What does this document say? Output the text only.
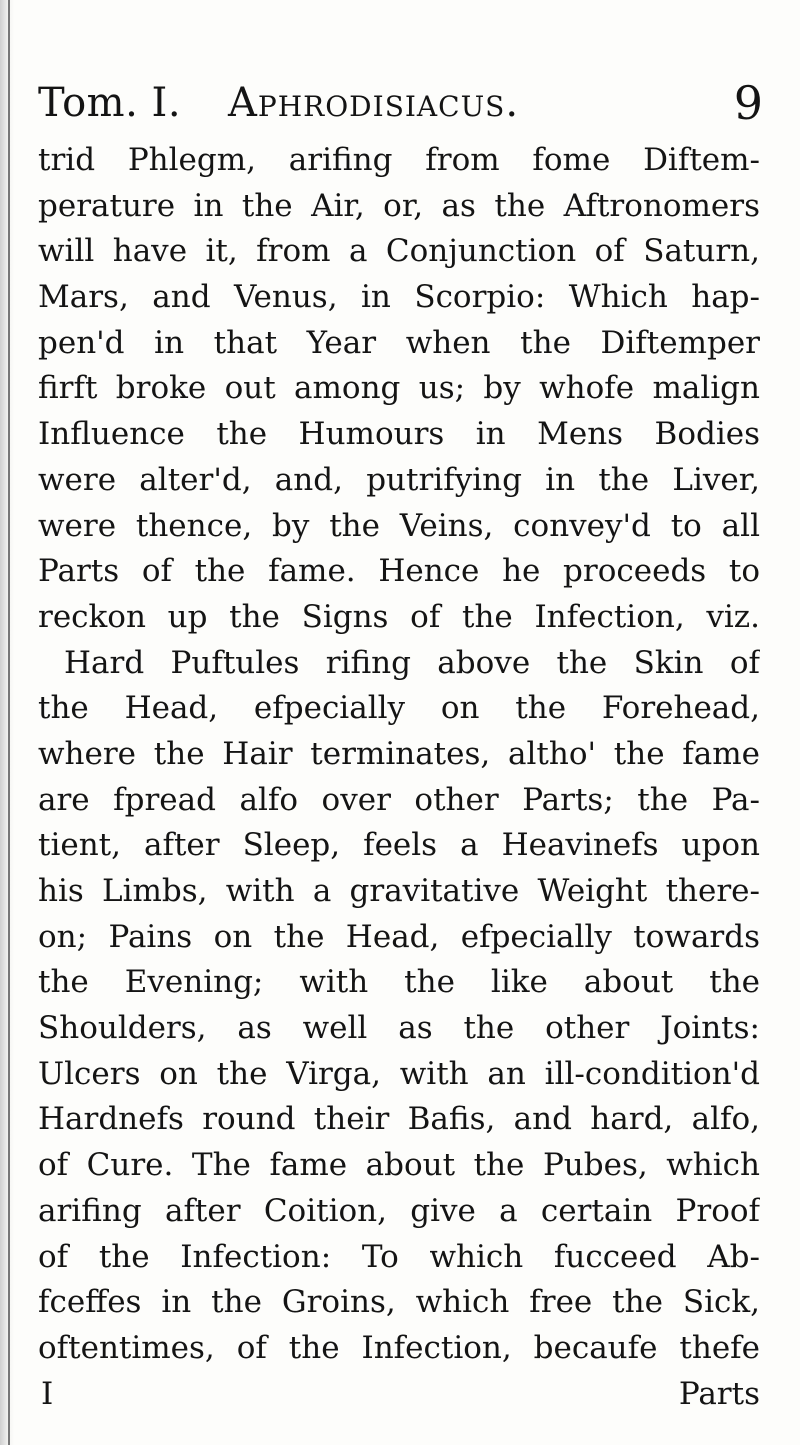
Tom. I. Aphrodisiacus.	9
trid Phlegm, arifing from fome Diftem-
perature in the Air, or, as the Aftronomers
will have it, from a Conjunction of Saturn,
Mars, and Venus, in Scorpio: Which hap-
pen'd in that Year when the Diftemper
firft broke out among us; by whofe malign
Influence the Humours in Mens Bodies
were alter'd, and, putrifying in the Liver,
were thence, by the Veins, convey'd to all
Parts of the fame. Hence he proceeds to
reckon up the Signs of the Infection, viz.
Hard Puftules rifing above the Skin of
the Head, efpecially on the Forehead,
where the Hair terminates, altho' the fame
are fpread alfo over other Parts; the Pa-
tient, after Sleep, feels a Heavinefs upon
his Limbs, with a gravitative Weight there-
on; Pains on the Head, efpecially towards
the Evening; with the like about the
Shoulders, as well as the other Joints:
Ulcers on the Virga, with an ill-condition'd
Hardnefs round their Bafis, and hard, alfo,
of Cure. The fame about the Pubes, which
arifing after Coition, give a certain Proof
of the Infection: To which fucceed Ab-
fceffes in the Groins, which free the Sick,
oftentimes, of the Infection, becaufe thefe
I	Parts
